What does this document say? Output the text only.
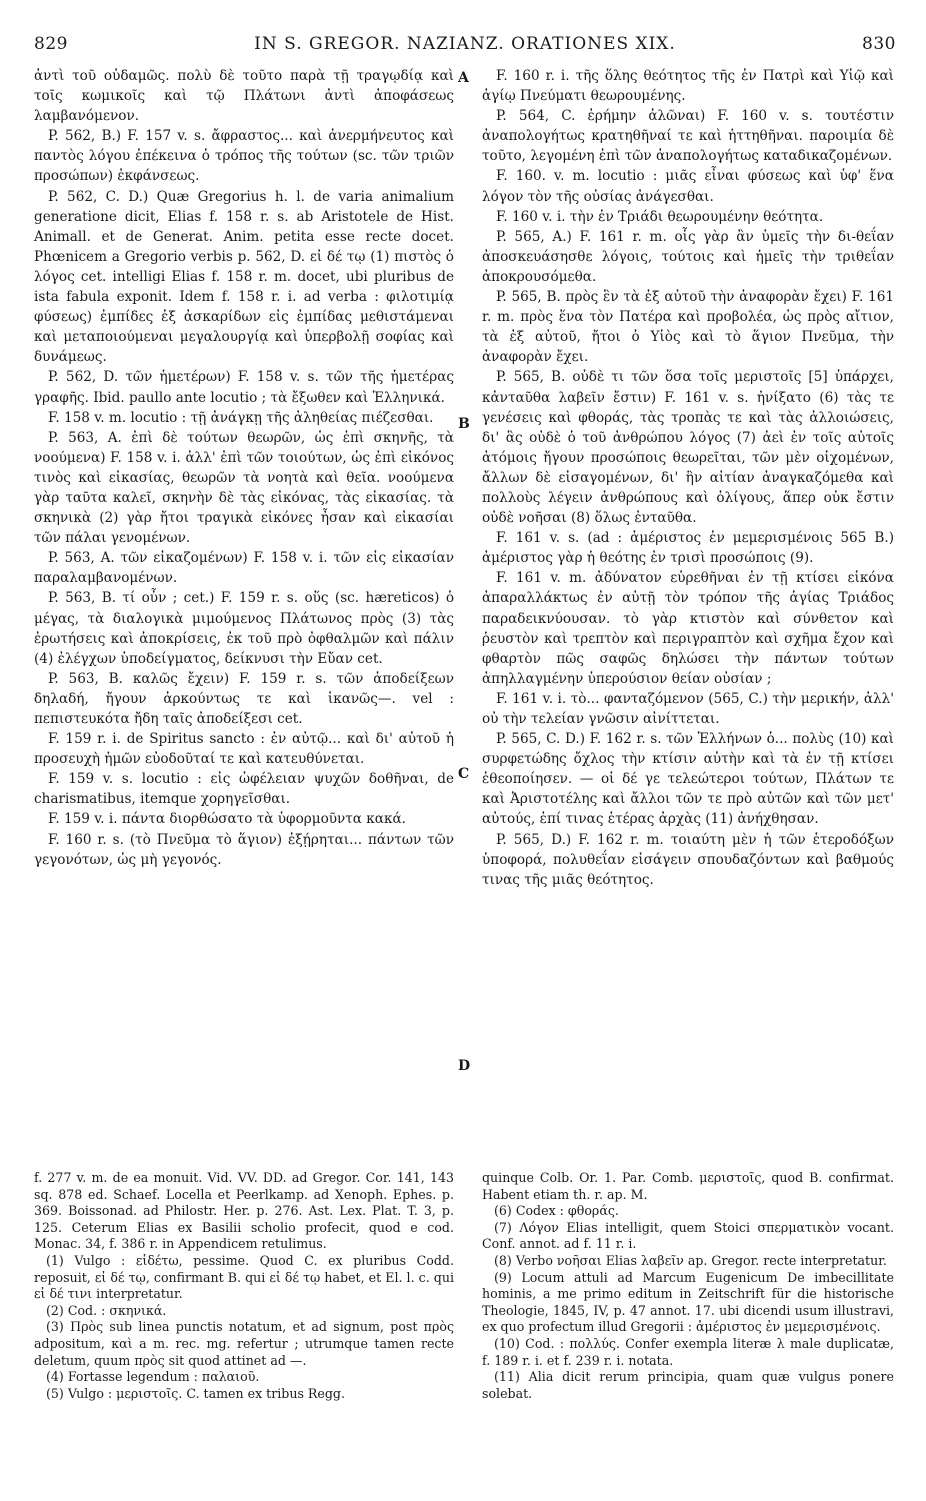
IN S. GREGOR. NAZIANZ. ORATIONES XIX.
829	830
A
B
C
D

ἀντὶ τοῦ οὐδαμῶς. πολὺ δὲ τοῦτο παρὰ τῇ τραγῳδίᾳ καὶ τοῖς κωμικοῖς καὶ τῷ Πλάτωνι ἀντὶ ἀποφάσεως λαμβανόμενον.

P. 562, B.) F. 157 v. s. ἄφραστος... καὶ ἀνερμήνευτος καὶ παντὸς λόγου ἐπέκεινα ὁ τρόπος τῆς τούτων (sc. τῶν τριῶν προσώπων) ἐκφάνσεως.

P. 562, C. D.) Quæ Gregorius h. l. de varia animalium generatione dicit, Elias f. 158 r. s. ab Aristotele de Hist. Animall. et de Generat. Anim. petita esse recte docet. Phœnicem a Gregorio verbis p. 562, D. εἰ δέ τῳ (1) πιστὸς ὁ λόγος cet. intelligi Elias f. 158 r. m. docet, ubi pluribus de ista fabula exponit. Idem f. 158 r. i. ad verba : φιλοτιμίᾳ φύσεως) ἐμπίδες ἐξ ἀσκαρίδων εἰς ἐμπίδας μεθιστάμεναι καὶ μεταποιούμεναι μεγαλουργίᾳ καὶ ὑπερβολῇ σοφίας καὶ δυνάμεως.

P. 562, D. τῶν ἡμετέρων) F. 158 v. s. τῶν τῆς ἡμετέρας γραφῆς. Ibid. paullo ante locutio ; τὰ ἔξωθεν καὶ Ἑλληνικά.

F. 158 v. m. locutio : τῇ ἀνάγκῃ τῆς ἀληθείας πιέζεσθαι.

P. 563, A. ἐπὶ δὲ τούτων θεωρῶν, ὡς ἐπὶ σκηνῆς, τὰ νοούμενα) F. 158 v. i. ἀλλ' ἐπὶ τῶν τοιούτων, ὡς ἐπὶ εἰκόνος τινὸς καὶ εἰκασίας, θεωρῶν τὰ νοητὰ καὶ θεῖα. νοούμενα γὰρ ταῦτα καλεῖ, σκηνὴν δὲ τὰς εἰκόνας, τὰς εἰκασίας. τὰ σκηνικὰ (2) γὰρ ἤτοι τραγικὰ εἰκόνες ἦσαν καὶ εἰκασίαι τῶν πάλαι γενομένων.

P. 563, A. τῶν εἰκαζομένων) F. 158 v. i. τῶν εἰς εἰκασίαν παραλαμβανομένων.

P. 563, B. τί οὖν ; cet.) F. 159 r. s. οὕς (sc. hæreticos) ὁ μέγας, τὰ διαλογικὰ μιμούμενος Πλάτωνος πρὸς (3) τὰς ἐρωτήσεις καὶ ἀποκρίσεις, ἐκ τοῦ πρὸ ὀφθαλμῶν καὶ πάλιν (4) ἐλέγχων ὑποδείγματος, δείκνυσι τὴν Εὔαν cet.

P. 563, B. καλῶς ἔχειν) F. 159 r. s. τῶν ἀποδείξεων δηλαδή, ἤγουν ἀρκούντως τε καὶ ἱκανῶς—. vel : πεπιστευκότα ἤδη ταῖς ἀποδείξεσι cet.

F. 159 r. i. de Spiritus sancto : ἐν αὐτῷ... καὶ δι' αὐτοῦ ἡ προσευχὴ ἡμῶν εὐοδοῦταί τε καὶ κατευθύνεται.

F. 159 v. s. locutio : εἰς ὠφέλειαν ψυχῶν δοθῆναι, de charismatibus, itemque χορηγεῖσθαι.

F. 159 v. i. πάντα διορθώσατο τὰ ὑφορμοῦντα κακά.

F. 160 r. s. (τὸ Πνεῦμα τὸ ἅγιον) ἐξῄρηται... πάντων τῶν γεγονότων, ὡς μὴ γεγονός.

F. 160 r. i. τῆς ὅλης θεότητος τῆς ἐν Πατρὶ καὶ Υἱῷ καὶ ἁγίῳ Πνεύματι θεωρουμένης.

P. 564, C. ἐρήμην ἁλῶναι) F. 160 v. s. τουτέστιν ἀναπολογήτως κρατηθῆναί τε καὶ ἡττηθῆναι. παροιμία δὲ τοῦτο, λεγομένη ἐπὶ τῶν ἀναπολογήτως καταδικαζομένων.

F. 160. v. m. locutio : μιᾶς εἶναι φύσεως καὶ ὑφ' ἕνα λόγον τὸν τῆς οὐσίας ἀνάγεσθαι.

F. 160 v. i. τὴν ἐν Τριάδι θεωρουμένην θεότητα.

P. 565, A.) F. 161 r. m. οἷς γὰρ ἂν ὑμεῖς τὴν δι-θεΐαν ἀποσκευάσησθε λόγοις, τούτοις καὶ ἡμεῖς τὴν τριθεΐαν ἀποκρουσόμεθα.

P. 565, B. πρὸς ἓν τὰ ἐξ αὐτοῦ τὴν ἀναφορὰν ἔχει) F. 161 r. m. πρὸς ἕνα τὸν Πατέρα καὶ προβολέα, ὡς πρὸς αἴτιον, τὰ ἐξ αὐτοῦ, ἤτοι ὁ Υἱὸς καὶ τὸ ἅγιον Πνεῦμα, τὴν ἀναφορὰν ἔχει.

P. 565, B. οὐδὲ τι τῶν ὅσα τοῖς μεριστοῖς [5] ὑπάρχει, κἀνταῦθα λαβεῖν ἔστιν) F. 161 v. s. ἠνίξατο (6) τὰς τε γενέσεις καὶ φθοράς, τὰς τροπὰς τε καὶ τὰς ἀλλοιώσεις, δι' ἃς οὐδὲ ὁ τοῦ ἀνθρώπου λόγος (7) ἀεὶ ἐν τοῖς αὐτοῖς ἀτόμοις ἤγουν προσώποις θεωρεῖται, τῶν μὲν οἰχομένων, ἄλλων δὲ εἰσαγομένων, δι' ἣν αἰτίαν ἀναγκαζόμεθα καὶ πολλοὺς λέγειν ἀνθρώπους καὶ ὀλίγους, ἅπερ οὐκ ἔστιν οὐδὲ νοῆσαι (8) ὅλως ἐνταῦθα.

F. 161 v. s. (ad : ἀμέριστος ἐν μεμερισμένοις 565 B.) ἀμέριστος γὰρ ἡ θεότης ἐν τρισὶ προσώποις (9).

F. 161 v. m. ἀδύνατον εὑρεθῆναι ἐν τῇ κτίσει εἰκόνα ἀπαραλλάκτως ἐν αὐτῇ τὸν τρόπον τῆς ἁγίας Τριάδος παραδεικνύουσαν. τὸ γὰρ κτιστὸν καὶ σύνθετον καὶ ῥευστὸν καὶ τρεπτὸν καὶ περιγραπτὸν καὶ σχῆμα ἔχον καὶ φθαρτὸν πῶς σαφῶς δηλώσει τὴν πάντων τούτων ἀπηλλαγμένην ὑπερούσιον θείαν οὐσίαν ;

F. 161 v. i. τὸ... φανταζόμενον (565, C.) τὴν μερικήν, ἀλλ' οὐ τὴν τελείαν γνῶσιν αἰνίττεται.

P. 565, C. D.) F. 162 r. s. τῶν Ἑλλήνων ὁ... πολὺς (10) καὶ συρφετώδης ὄχλος τὴν κτίσιν αὐτὴν καὶ τὰ ἐν τῇ κτίσει ἐθεοποίησεν. — οἱ δέ γε τελεώτεροι τούτων, Πλάτων τε καὶ Ἀριστοτέλης καὶ ἄλλοι τῶν τε πρὸ αὐτῶν καὶ τῶν μετ' αὐτούς, ἐπί τινας ἑτέρας ἀρχὰς (11) ἀνήχθησαν.

P. 565, D.) F. 162 r. m. τοιαύτη μὲν ἡ τῶν ἑτεροδόξων ὑποφορά, πολυθεΐαν εἰσάγειν σπουδαζόντων καὶ βαθμούς τινας τῆς μιᾶς θεότητος.

f. 277 v. m. de ea monuit. Vid. VV. DD. ad Gregor. Cor. 141, 143 sq. 878 ed. Schaef. Locella et Peerlkamp. ad Xenoph. Ephes. p. 369. Boissonad. ad Philostr. Her. p. 276. Ast. Lex. Plat. T. 3, p. 125. Ceterum Elias ex Basilii scholio profecit, quod e cod. Monac. 34, f. 386 r. in Appendicem retulimus.

(1) Vulgo : εἰδέτω, pessime. Quod C. ex pluribus Codd. reposuit, εἰ δέ τῳ, confirmant B. qui εἰ δέ τῳ habet, et El. l. c. qui εἰ δέ τινι interpretatur.

(2) Cod. : σκηνικά.

(3) Πρὸς sub linea punctis notatum, et ad signum, post πρὸς adpositum, καὶ a m. rec. mg. refertur ; utrumque tamen recte deletum, quum πρὸς sit quod attinet ad —.

(4) Fortasse legendum : παλαιοῦ.

(5) Vulgo : μεριστοῖς. C. tamen ex tribus Regg.

quinque Colb. Or. 1. Par. Comb. μεριστοῖς, quod B. confirmat. Habent etiam th. r. ap. M.

(6) Codex : φθοράς.

(7) Λόγον Elias intelligit, quem Stoici σπερματικὸν vocant. Conf. annot. ad f. 11 r. i.

(8) Verbo νοῆσαι Elias λαβεῖν ap. Gregor. recte interpretatur.

(9) Locum attuli ad Marcum Eugenicum De imbecillitate hominis, a me primo editum in Zeitschrift für die historische Theologie, 1845, IV, p. 47 annot. 17. ubi dicendi usum illustravi, ex quo profectum illud Gregorii : ἀμέριστος ἐν μεμερισμένοις.

(10) Cod. : πολλύς. Confer exempla literæ λ male duplicatæ, f. 189 r. i. et f. 239 r. i. notata.

(11) Alia dicit rerum principia, quam quæ vulgus ponere solebat.
